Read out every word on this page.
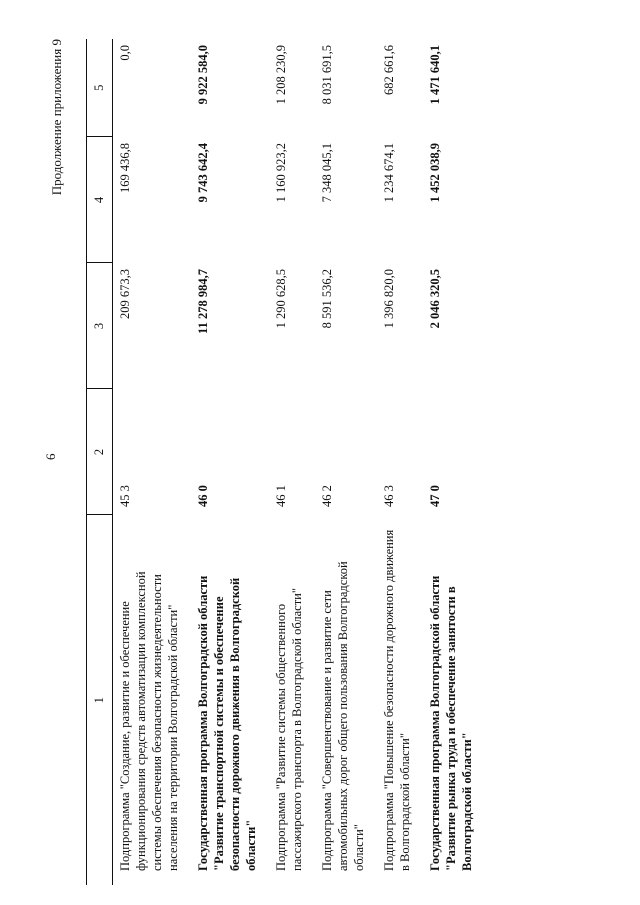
6
Продолжение приложения 9
1	2	3	4	5
Подпрограмма "Создание, развитие и обеспечение функционирования средств автоматизации комплексной системы обеспечения безопасности жизнедеятельности населения на территории Волгоградской области"	45 3	209 673,3	169 436,8	0,0
Государственная программа Волгоградской области "Развитие транспортной системы и обеспечение безопасности дорожного движения в Волгоградской области"	46 0	11 278 984,7	9 743 642,4	9 922 584,0
Подпрограмма "Развитие системы общественного пассажирского транспорта в Волгоградской области"	46 1	1 290 628,5	1 160 923,2	1 208 230,9
Подпрограмма "Совершенствование и развитие сети автомобильных дорог общего пользования Волгоградской области"	46 2	8 591 536,2	7 348 045,1	8 031 691,5
Подпрограмма "Повышение безопасности дорожного движения в Волгоградской области"	46 3	1 396 820,0	1 234 674,1	682 661,6
Государственная программа Волгоградской области "Развитие рынка труда и обеспечение занятости в Волгоградской области"	47 0	2 046 320,5	1 452 038,9	1 471 640,1
